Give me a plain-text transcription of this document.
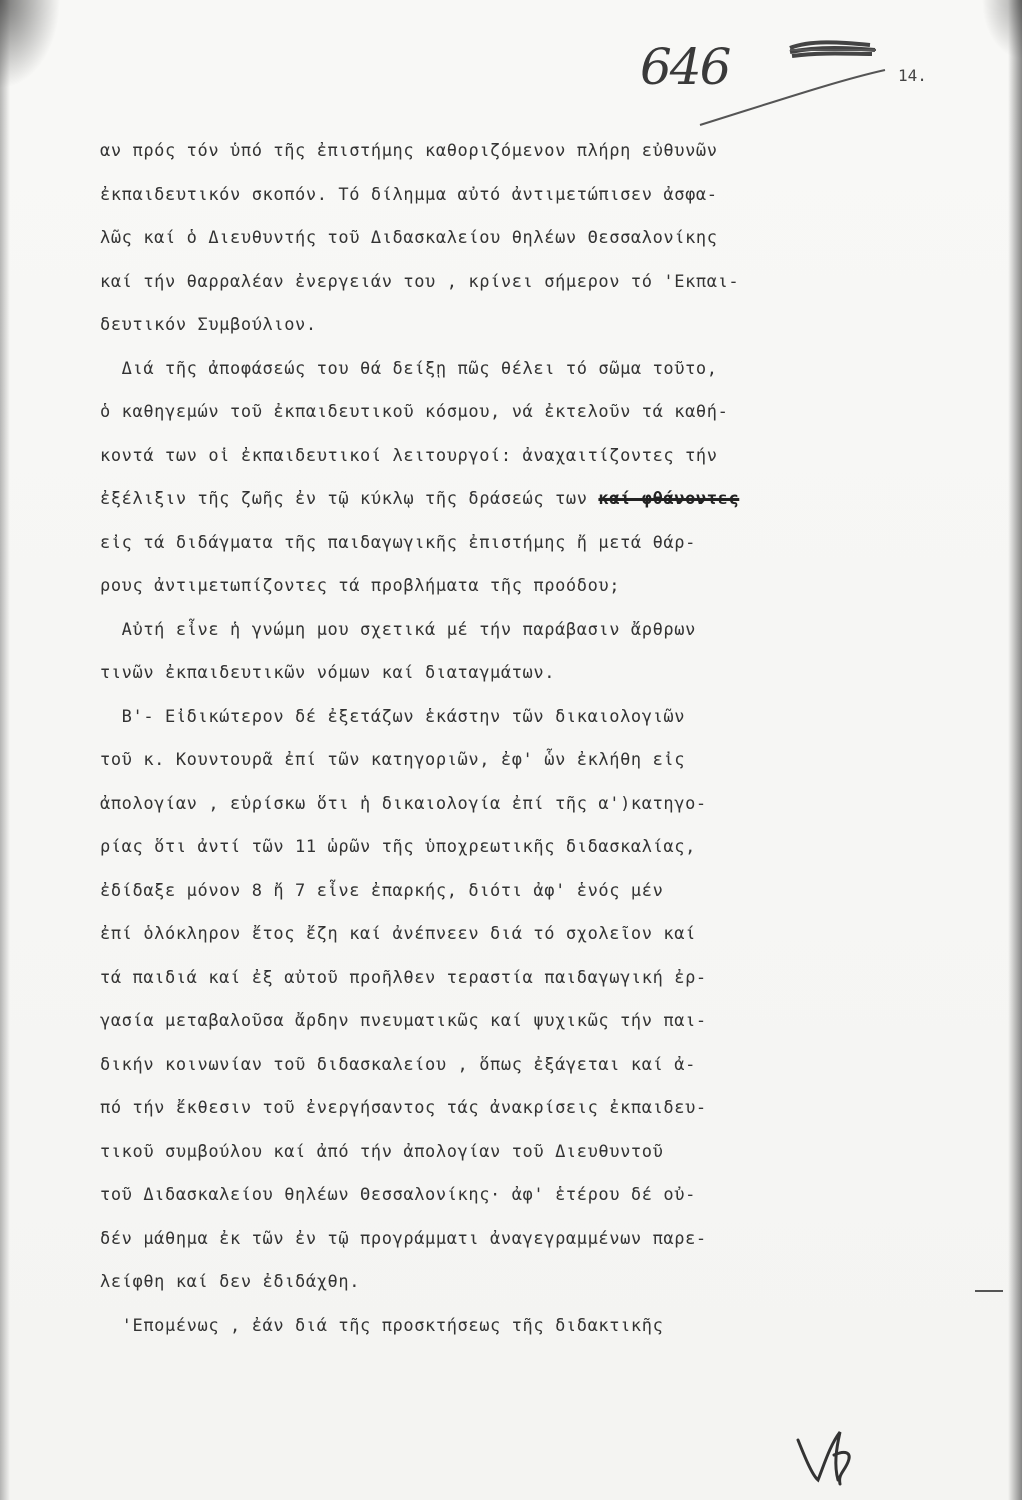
646	14.
αν πρός τόν ὑπό τῆς ἐπιστήμης καθοριζόμενον πλήρη εὐθυνῶν
ἐκπαιδευτικόν σκοπόν. Τό δίλημμα αὐτό ἀντιμετώπισεν ἀσφα-
λῶς καί ὁ Διευθυντής τοῦ Διδασκαλείου θηλέων Θεσσαλονίκης
καί τήν θαρραλέαν ἐνεργειάν του , κρίνει σήμερον τό 'Εκπαι-
δευτικόν Συμβούλιον.
Διά τῆς ἀποφάσεώς του θά δείξῃ πῶς θέλει τό σῶμα τοῦτο,
ὁ καθηγεμών τοῦ ἐκπαιδευτικοῦ κόσμου, νά ἐκτελοῦν τά καθή-
κοντά των οἱ ἐκπαιδευτικοί λειτουργοί: ἀναχαιτίζοντες τήν
ἐξέλιξιν τῆς ζωῆς ἐν τῷ κύκλῳ τῆς δράσεώς των καί φθάνοντες
εἰς τά διδάγματα τῆς παιδαγωγικῆς ἐπιστήμης ἤ μετά θάρ-
ρους ἀντιμετωπίζοντες τά προβλήματα τῆς προόδου;
Αὐτή εἶνε ἡ γνώμη μου σχετικά μέ τήν παράβασιν ἄρθρων
τινῶν ἐκπαιδευτικῶν νόμων καί διαταγμάτων.
Β'- Εἰδικώτερον δέ ἐξετάζων ἑκάστην τῶν δικαιολογιῶν
τοῦ κ. Κουντουρᾶ ἐπί τῶν κατηγοριῶν, ἐφ' ὧν ἐκλήθη εἰς
ἀπολογίαν , εὑρίσκω ὅτι ἡ δικαιολογία ἐπί τῆς α')κατηγο-
ρίας ὅτι ἀντί τῶν 11 ὡρῶν τῆς ὑποχρεωτικῆς διδασκαλίας,
ἐδίδαξε μόνον 8 ἤ 7 εἶνε ἐπαρκής, διότι ἀφ' ἑνός μέν
ἐπί ὁλόκληρον ἔτος ἔζη καί ἀνέπνεεν διά τό σχολεῖον καί
τά παιδιά καί ἐξ αὐτοῦ προῆλθεν τεραστία παιδαγωγική ἐρ-
γασία μεταβαλοῦσα ἄρδην πνευματικῶς καί ψυχικῶς τήν παι-
δικήν κοινωνίαν τοῦ διδασκαλείου , ὅπως ἐξάγεται καί ἀ-
πό τήν ἔκθεσιν τοῦ ἐνεργήσαντος τάς ἀνακρίσεις ἐκπαιδευ-
τικοῦ συμβούλου καί ἀπό τήν ἀπολογίαν τοῦ Διευθυντοῦ
τοῦ Διδασκαλείου θηλέων Θεσσαλονίκης· ἀφ' ἑτέρου δέ οὐ-
δέν μάθημα ἐκ τῶν ἐν τῷ προγράμματι ἀναγεγραμμένων παρε-
λείφθη καί δεν ἐδιδάχθη.
'Επομένως , ἐάν διά τῆς προσκτήσεως τῆς διδακτικῆς
